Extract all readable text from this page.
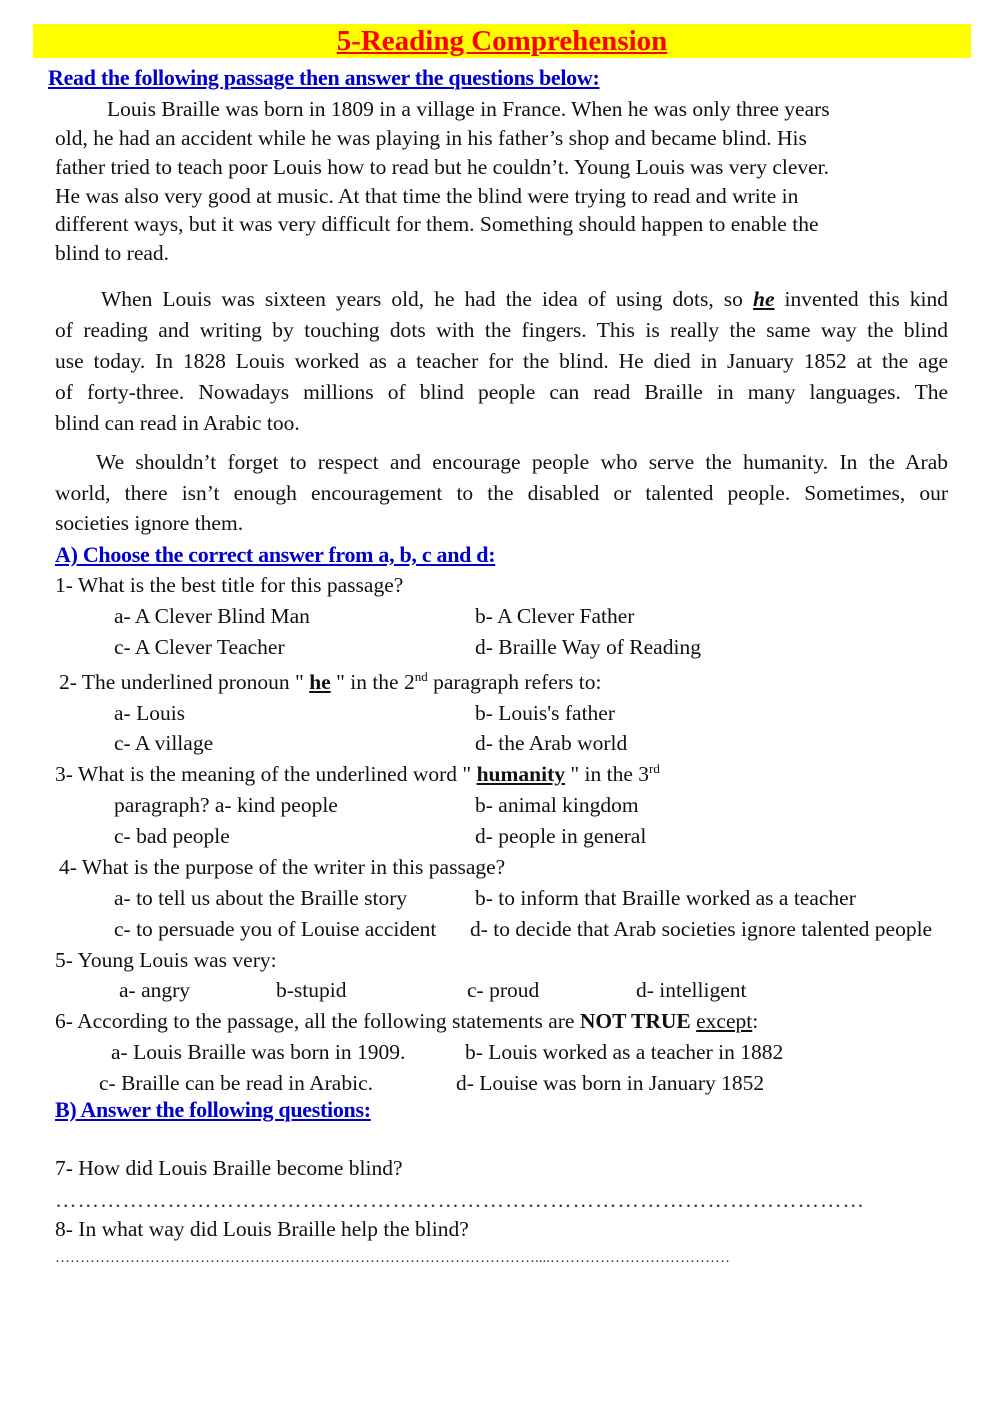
5-Reading Comprehension
Read the following passage then answer the questions below:
Louis Braille was born in 1809 in a village in France. When he was only three years
old, he had an accident while he was playing in his father’s shop and became blind. His
father tried to teach poor Louis how to read but he couldn’t. Young Louis was very clever.
He was also very good at music. At that time the blind were trying to read and write in
different ways, but it was very difficult for them. Something should happen to enable the
blind to read.
When Louis was sixteen years old, he had the idea of using dots, so he invented this kind
of reading and writing by touching dots with the fingers. This is really the same way the blind
use today. In 1828 Louis worked as a teacher for the blind. He died in January 1852 at the age
of forty-three. Nowadays millions of blind people can read Braille in many languages. The
blind can read in Arabic too.
We shouldn’t forget to respect and encourage people who serve the humanity. In the Arab
world, there isn’t enough encouragement to the disabled or talented people. Sometimes, our
societies ignore them.
A) Choose the correct answer from a, b, c and d:
1- What is the best title for this passage?
a- A Clever Blind Man	b- A Clever Father
c- A Clever Teacher	d- Braille Way of Reading
2- The underlined pronoun " he " in the 2nd paragraph refers to:
a- Louis	b- Louis's father
c- A village	d- the Arab world
3- What is the meaning of the underlined word " humanity " in the 3rd
paragraph? a- kind people	b- animal kingdom
c- bad people	d- people in general
4- What is the purpose of the writer in this passage?
a- to tell us about the Braille story	b- to inform that Braille worked as a teacher
c- to persuade you of Louise accident d- to decide that Arab societies ignore talented people
5- Young Louis was very:
a- angry	b-stupid	c- proud	d- intelligent
6- According to the passage, all the following statements are NOT TRUE except:
a- Louis Braille was born in 1909.	b- Louis worked as a teacher in 1882
c- Braille can be read in Arabic.	d- Louise was born in January 1852
B) Answer the following questions:
7- How did Louis Braille become blind?
………………………………………………………………………………………………
8- In what way did Louis Braille help the blind?
……………………………………………………………………………………....………………………………
